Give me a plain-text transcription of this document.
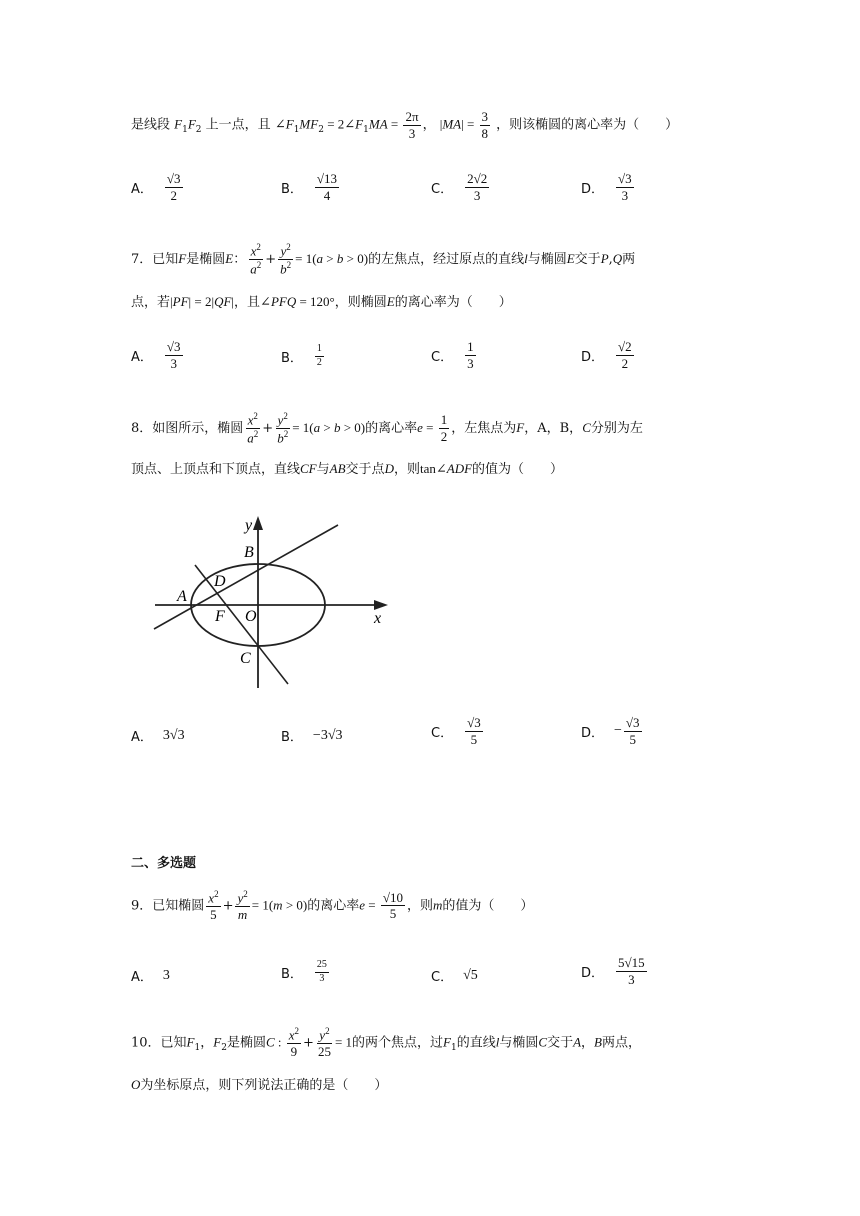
是线段 $F_1F_2$ 上一点，且 $\angle F_1MF_2$ = $2\angle F_1MA = \frac{2\pi}{3}$ ， $|MA| = \frac{3}{8}$ ，则该椭圆的离心率为（　　）
A． $\frac{√3}{2}$	B． $\frac{√13}{4}$	C． $\frac{2√2}{3}$	D． $\frac{√3}{3}$
7．已知F是椭圆E： $\frac{x^2}{a^2} + \frac{y^2}{b^2} = 1(a > b > 0)$的左焦点，经过原点的直线l与椭圆E交于P,Q两
点，若|PF| = 2|QF|，且∠PFQ = 120°，则椭圆E的离心率为（　　）
A． $\frac{√3}{3}$	B． $\frac{1}{2}$	C． $\frac{1}{3}$	D． $\frac{√2}{2}$
8．如图所示，椭圆 $\frac{x^2}{a^2} + \frac{y^2}{b^2} = 1(a > b > 0)$的离心率$e = \frac{1}{2}$ ，左焦点为F，A，B，C分别为左
顶点、上顶点和下顶点，直线CF与AB交于点D，则tan∠ADF的值为（　　）
y
x
B
D
A
F O
C
A． 3√3	B． −3√3	C． $\frac{√3}{5}$	D． − $\frac{√3}{5}$
二、多选题
9．已知椭圆 $\frac{x^2}{5} + \frac{y^2}{m} = 1(m > 0)$的离心率$e = \frac{√10}{5}$ ，则m的值为（　　）
A． 3	B． $\frac{25}{3}$	C． √5	D． $\frac{5√15}{3}$
10．已知$F_1$，$F_2$是椭圆C : $\frac{x^2}{9} + \frac{y^2}{25} = 1$的两个焦点，过$F_1$的直线l与椭圆C交于A，B两点，
O为坐标原点，则下列说法正确的是（　　）
